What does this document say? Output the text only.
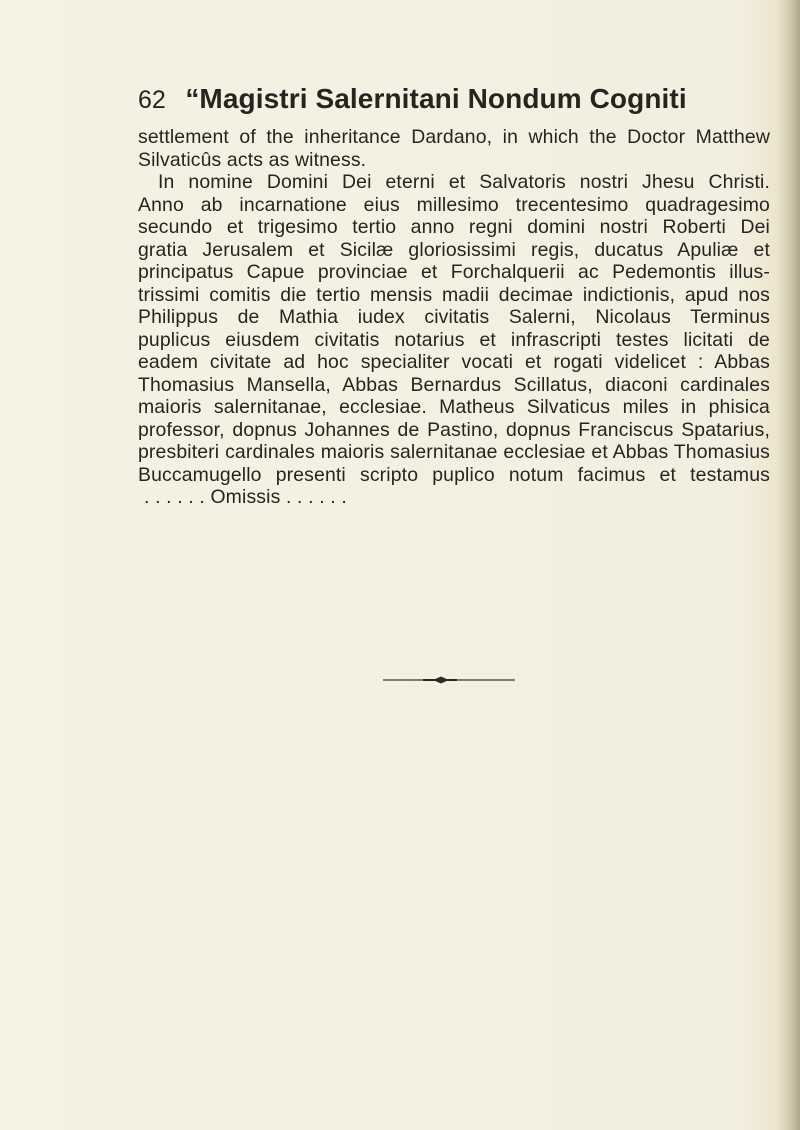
62 “Magistri Salernitani Nondum Cogniti
settlement of the inheritance Dardano, in which the Doctor Matthew
Silvaticûs acts as witness.
In nomine Domini Dei eterni et Salvatoris nostri Jhesu Christi.
Anno ab incarnatione eius millesimo trecentesimo quadragesimo
secundo et trigesimo tertio anno regni domini nostri Roberti Dei
gratia Jerusalem et Sicilæ gloriosissimi regis, ducatus Apuliæ et
principatus Capue provinciae et Forchalquerii ac Pedemontis illus-
trissimi comitis die tertio mensis madii decimae indictionis, apud nos
Philippus de Mathia iudex civitatis Salerni, Nicolaus Terminus
puplicus eiusdem civitatis notarius et infrascripti testes licitati de
eadem civitate ad hoc specialiter vocati et rogati videlicet : Abbas
Thomasius Mansella, Abbas Bernardus Scillatus, diaconi cardinales
maioris salernitanae, ecclesiae. Matheus Silvaticus miles in phisica
professor, dopnus Johannes de Pastino, dopnus Franciscus Spatarius,
presbiteri cardinales maioris salernitanae ecclesiae et Abbas Thomasius
Buccamugello presenti scripto puplico notum facimus et testamus
. . . . . . Omissis . . . . . .
